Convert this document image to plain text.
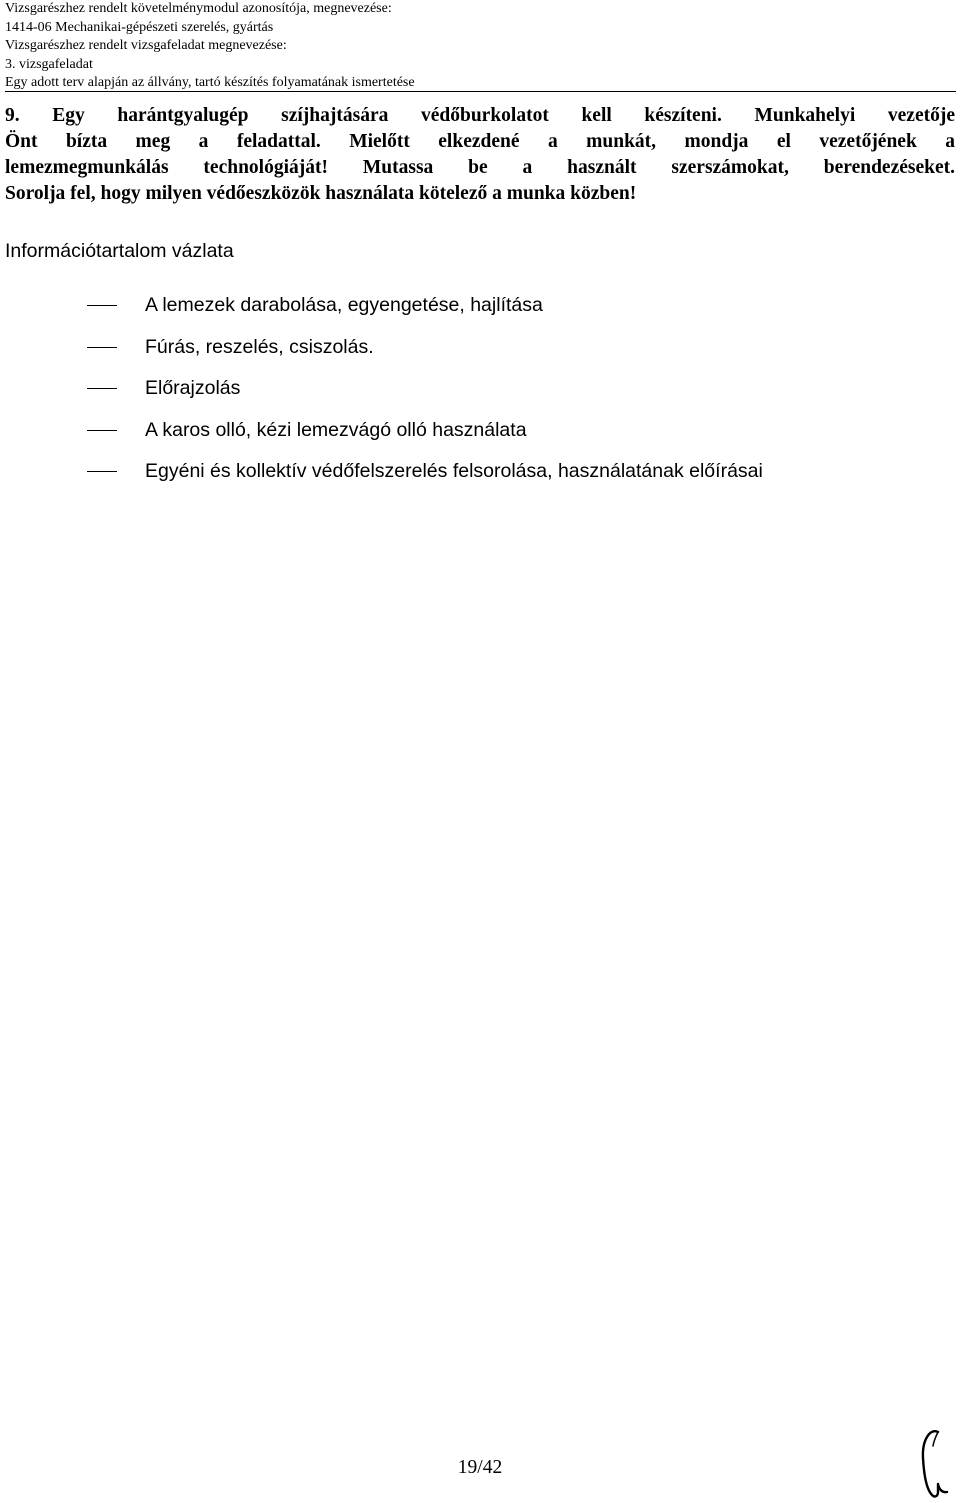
Vizsgarészhez rendelt követelménymodul azonosítója, megnevezése:
1414-06 Mechanikai-gépészeti szerelés, gyártás
Vizsgarészhez rendelt vizsgafeladat megnevezése:
3. vizsgafeladat
Egy adott terv alapján az állvány, tartó készítés folyamatának ismertetése
9. Egy harántgyalugép szíjhajtására védőburkolatot kell készíteni. Munkahelyi vezetője
Önt bízta meg a feladattal. Mielőtt elkezdené a munkát, mondja el vezetőjének a
lemezmegmunkálás technológiáját! Mutassa be a használt szerszámokat, berendezéseket.
Sorolja fel, hogy milyen védőeszközök használata kötelező a munka közben!
Információtartalom vázlata
A lemezek darabolása, egyengetése, hajlítása
Fúrás, reszelés, csiszolás.
Előrajzolás
A karos olló, kézi lemezvágó olló használata
Egyéni és kollektív védőfelszerelés felsorolása, használatának előírásai
19/42
